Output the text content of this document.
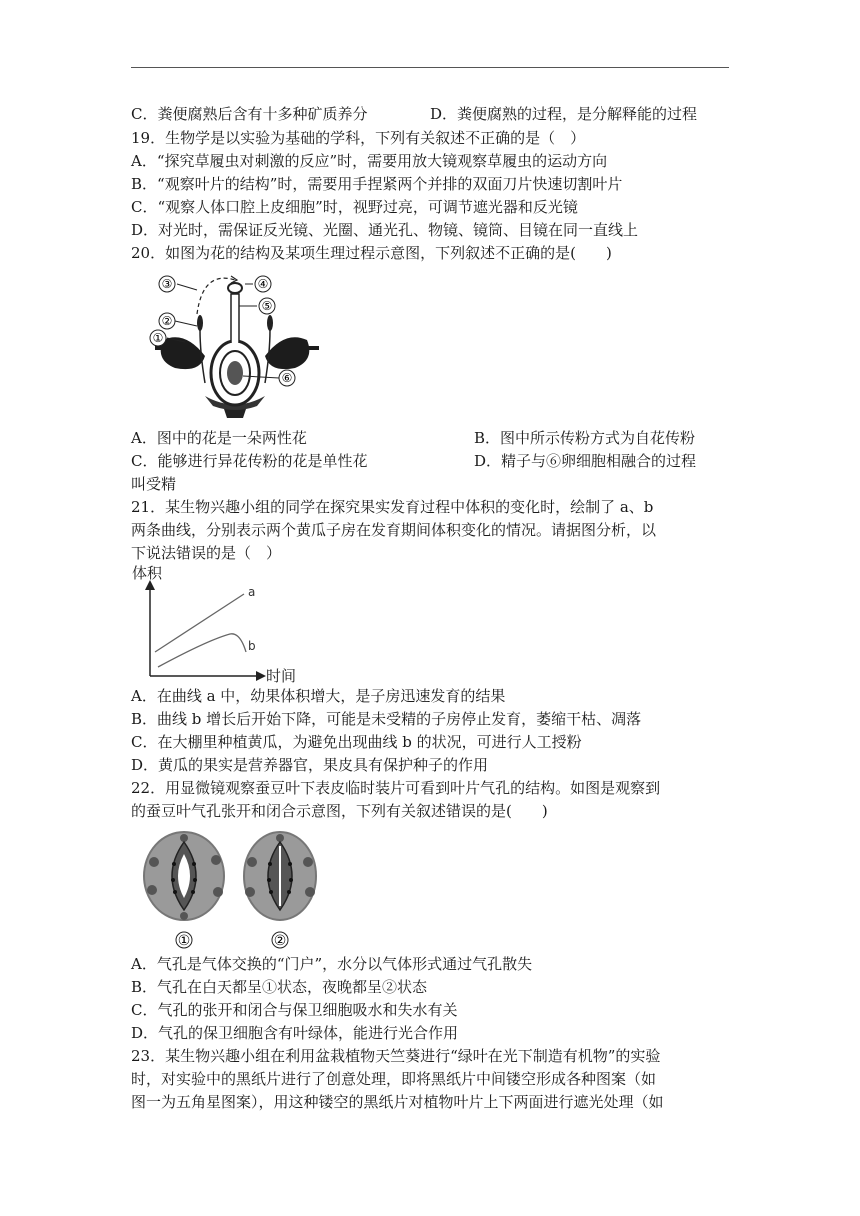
C．粪便腐熟后含有十多种矿质养分	D．粪便腐熟的过程，是分解释能的过程
19．生物学是以实验为基础的学科，下列有关叙述不正确的是（　）
A．“探究草履虫对刺激的反应”时，需要用放大镜观察草履虫的运动方向
B．“观察叶片的结构”时，需要用手捏紧两个并排的双面刀片快速切割叶片
C．“观察人体口腔上皮细胞”时，视野过亮，可调节遮光器和反光镜
D．对光时，需保证反光镜、光圈、通光孔、物镜、镜筒、目镜在同一直线上
20．如图为花的结构及某项生理过程示意图，下列叙述不正确的是(　　)
③	④
⑤
②
①
⑥
A．图中的花是一朵两性花	B．图中所示传粉方式为自花传粉
C．能够进行异花传粉的花是单性花	D．精子与⑥卵细胞相融合的过程
叫受精
21．某生物兴趣小组的同学在探究果实发育过程中体积的变化时，绘制了 a、b
两条曲线，分别表示两个黄瓜子房在发育期间体积变化的情况。请据图分析，以
下说法错误的是（　）
体积
时间
a
b
A．在曲线 a 中，幼果体积增大，是子房迅速发育的结果
B．曲线 b 增长后开始下降，可能是未受精的子房停止发育，萎缩干枯、凋落
C．在大棚里种植黄瓜，为避免出现曲线 b 的状况，可进行人工授粉
D．黄瓜的果实是营养器官，果皮具有保护种子的作用
22．用显微镜观察蚕豆叶下表皮临时装片可看到叶片气孔的结构。如图是观察到
的蚕豆叶气孔张开和闭合示意图，下列有关叙述错误的是(　　)
①	②
A．气孔是气体交换的“门户”，水分以气体形式通过气孔散失
B．气孔在白天都呈①状态，夜晚都呈②状态
C．气孔的张开和闭合与保卫细胞吸水和失水有关
D．气孔的保卫细胞含有叶绿体，能进行光合作用
23．某生物兴趣小组在利用盆栽植物天竺葵进行“绿叶在光下制造有机物”的实验
时，对实验中的黑纸片进行了创意处理，即将黑纸片中间镂空形成各种图案（如
图一为五角星图案），用这种镂空的黑纸片对植物叶片上下两面进行遮光处理（如
